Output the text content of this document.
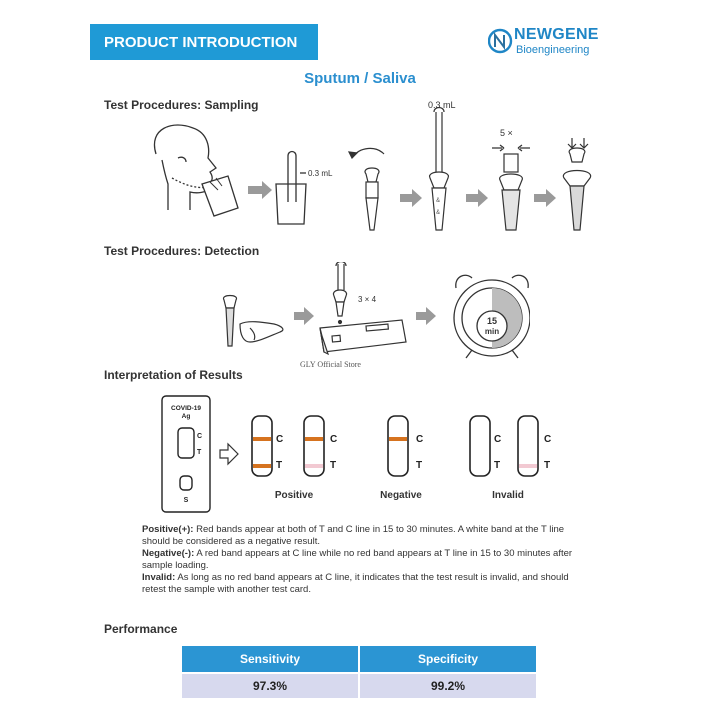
PRODUCT INTRODUCTION	NEWGENE
Bioengineering
Sputum / Saliva
Test Procedures: Sampling
0.3 mL
0.3 mL
&
&
5 ×
Test Procedures: Detection
3 × 4
15
min
GLY Official Store
Interpretation of Results
COVID-19
Ag
C
T
S
C
T
C
T
C
T
C
T
C
T
Positive	Negative	Invalid

Positive(+): Red bands appear at both of T and C line in 15 to 30 minutes. A white band at the T line should be considered as a negative result.

Negative(-): A red band appears at C line while no red band appears at T line in 15 to 30 minutes after sample loading.

Invalid: As long as no red band appears at C line, it indicates that the test result is invalid, and should retest the sample with another test card.

Performance
Sensitivity	Specificity
97.3%	99.2%
